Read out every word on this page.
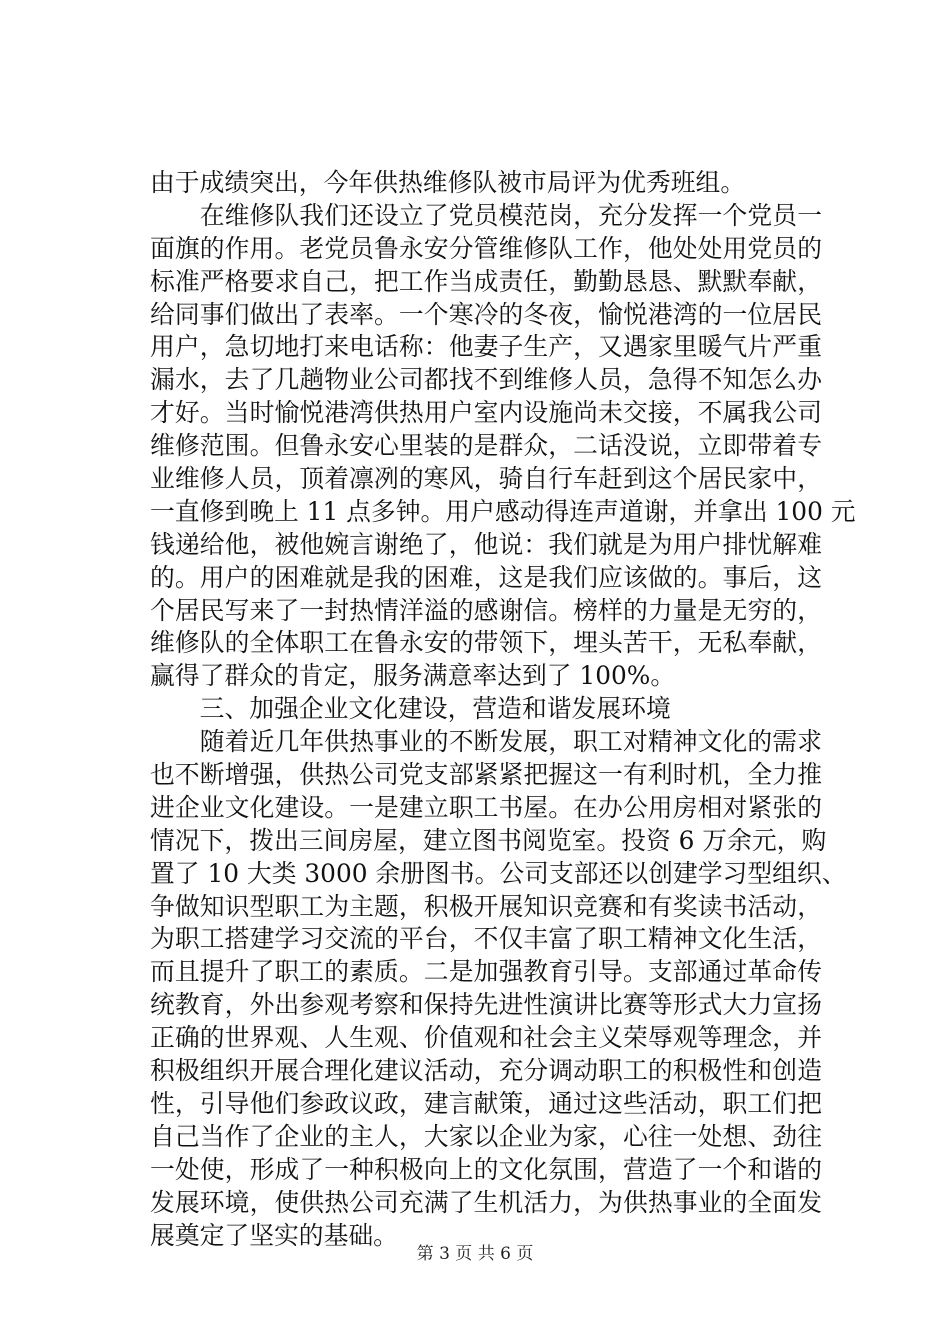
由于成绩突出，今年供热维修队被市局评为优秀班组。
　　在维修队我们还设立了党员模范岗，充分发挥一个党员一
面旗的作用。老党员鲁永安分管维修队工作，他处处用党员的
标准严格要求自己，把工作当成责任，勤勤恳恳、默默奉献，
给同事们做出了表率。一个寒冷的冬夜，愉悦港湾的一位居民
用户，急切地打来电话称：他妻子生产，又遇家里暖气片严重
漏水，去了几趟物业公司都找不到维修人员，急得不知怎么办
才好。当时愉悦港湾供热用户室内设施尚未交接，不属我公司
维修范围。但鲁永安心里装的是群众，二话没说，立即带着专
业维修人员，顶着凛冽的寒风，骑自行车赶到这个居民家中，
一直修到晚上 11 点多钟。用户感动得连声道谢，并拿出 100 元
钱递给他，被他婉言谢绝了，他说：我们就是为用户排忧解难
的。用户的困难就是我的困难，这是我们应该做的。事后，这
个居民写来了一封热情洋溢的感谢信。榜样的力量是无穷的，
维修队的全体职工在鲁永安的带领下，埋头苦干，无私奉献，
赢得了群众的肯定，服务满意率达到了 100%。
　　三、加强企业文化建设，营造和谐发展环境
　　随着近几年供热事业的不断发展，职工对精神文化的需求
也不断增强，供热公司党支部紧紧把握这一有利时机，全力推
进企业文化建设。一是建立职工书屋。在办公用房相对紧张的
情况下，拨出三间房屋，建立图书阅览室。投资 6 万余元，购
置了 10 大类 3000 余册图书。公司支部还以创建学习型组织、
争做知识型职工为主题，积极开展知识竞赛和有奖读书活动，
为职工搭建学习交流的平台，不仅丰富了职工精神文化生活，
而且提升了职工的素质。二是加强教育引导。支部通过革命传
统教育，外出参观考察和保持先进性演讲比赛等形式大力宣扬
正确的世界观、人生观、价值观和社会主义荣辱观等理念，并
积极组织开展合理化建议活动，充分调动职工的积极性和创造
性，引导他们参政议政，建言献策，通过这些活动，职工们把
自己当作了企业的主人，大家以企业为家，心往一处想、劲往
一处使，形成了一种积极向上的文化氛围，营造了一个和谐的
发展环境，使供热公司充满了生机活力，为供热事业的全面发
展奠定了坚实的基础。
第 3 页 共 6 页
